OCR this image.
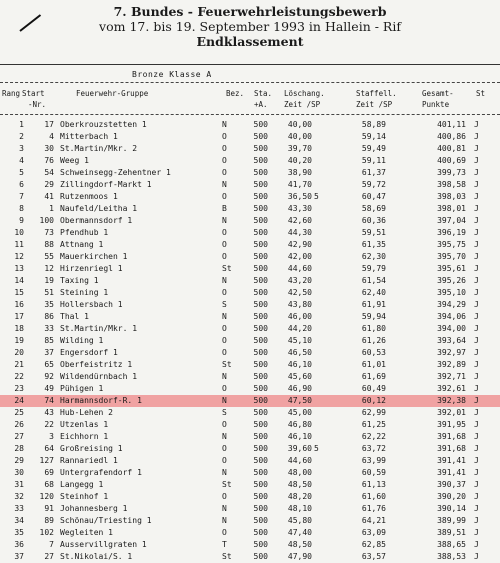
7. Bundes - Feuerwehrleistungsbewerb
vom 17. bis 19. September 1993 in Hallein - Rif
Endklassement
Bronze Klasse A
Rang Start
-Nr.
Feuerwehr-Gruppe	Bez. Sta.
+A.
Löschang.
Zeit /SP
Staffell.
Zeit /SP
Gesamt-
Punkte
St
1	17 Oberkrouzstetten 1	N	500	40,00	58,89	401,11 J
2	4 Mitterbach 1	O	500	40,00	59,14	400,86 J
3	30 St.Martin/Mkr. 2	O	500	39,70	59,49	400,81 J
4	76 Weeg 1	O	500	40,20	59,11	400,69 J
5	54 Schweinsegg-Zehentner 1	O	500	38,90	61,37	399,73 J
6	29 Zillingdorf-Markt 1	N	500	41,70	59,72	398,58 J
7	41 Rutzenmoos 1	O	500	36,50 5	60,47	398,03 J
8	1 Naufeld/Leitha 1	B	500	43,30	58,69	398,01 J
9	100 Obermannsdorf 1	N	500	42,60	60,36	397,04 J
10	73 Pfendhub 1	O	500	44,30	59,51	396,19 J
11	88 Attnang 1	O	500	42,90	61,35	395,75 J
12	55 Mauerkirchen 1	O	500	42,00	62,30	395,70 J
13	12 Hirzenriegl 1	St	500	44,60	59,79	395,61 J
14	19 Taxing 1	N	500	43,20	61,54	395,26 J
15	51 Steining 1	O	500	42,50	62,40	395,10 J
16	35 Hollersbach 1	S	500	43,80	61,91	394,29 J
17	86 Thal 1	N	500	46,00	59,94	394,06 J
18	33 St.Martin/Mkr. 1	O	500	44,20	61,80	394,00 J
19	85 Wilding 1	O	500	45,10	61,26	393,64 J
20	37 Engersdorf 1	O	500	46,50	60,53	392,97 J
21	65 Oberfeistritz 1	St	500	46,10	61,01	392,89 J
22	92 Wildendürnbach 1	N	500	45,60	61,69	392,71 J
23	49 Pühigen 1	O	500	46,90	60,49	392,61 J
24	74 Harmannsdorf-R. 1	N	500	47,50	60,12	392,38 J
25	43 Hub-Lehen 2	S	500	45,00	62,99	392,01 J
26	22 Utzenlas 1	O	500	46,80	61,25	391,95 J
27	3 Eichhorn 1	N	500	46,10	62,22	391,68 J
28	64 Großreising 1	O	500	39,60 5	63,72	391,68 J
29	127 Rannariedl 1	O	500	44,60	63,99	391,41 J
30	69 Untergrafendorf 1	N	500	48,00	60,59	391,41 J
31	68 Langegg 1	St	500	48,50	61,13	390,37 J
32	120 Steinhof 1	O	500	48,20	61,60	390,20 J
33	91 Johannesberg 1	N	500	48,10	61,76	390,14 J
34	89 Schönau/Triesting 1	N	500	45,80	64,21	389,99 J
35	102 Wegleiten 1	O	500	47,40	63,09	389,51 J
36	7 Ausservillgraten 1	T	500	48,50	62,85	388,65 J
37	27 St.Nikolai/S. 1	St	500	47,90	63,57	388,53 J
